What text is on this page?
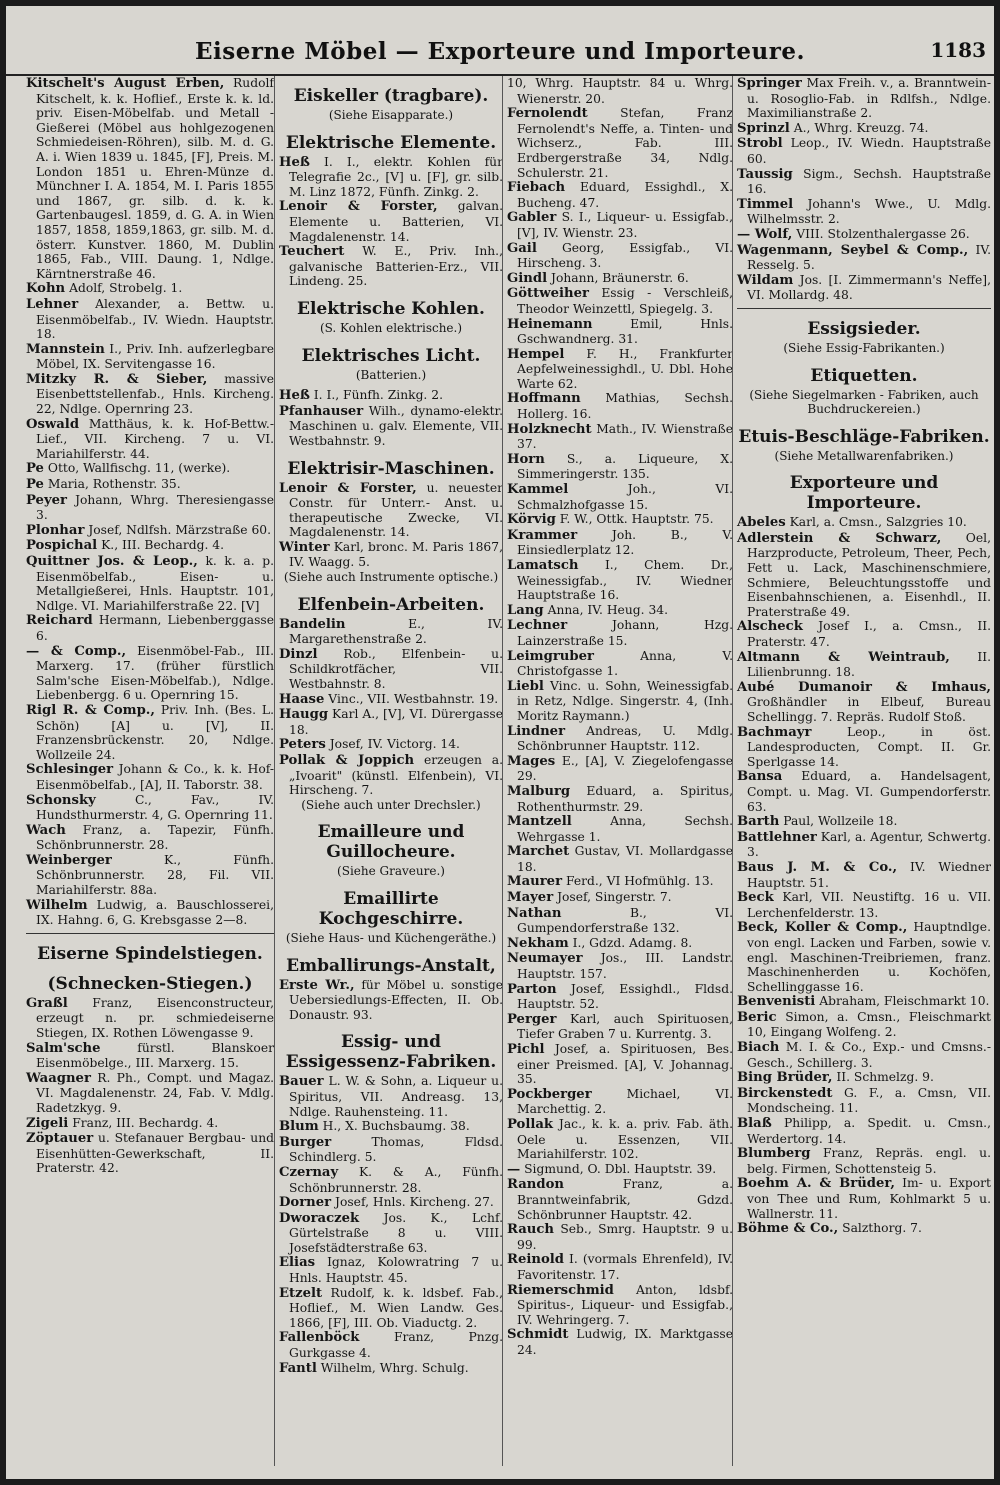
Eiserne Möbel — Exporteure und Importeure.	1183

Kitschelt's August Erben, Rudolf Kitschelt, k. k. Hoflief., Erste k. k. ld. priv. Eisen-Möbelfab. und Metall - Gießerei (Möbel aus hohlgezogenen Schmiedeisen-Röhren), silb. M. d. G. A. i. Wien 1839 u. 1845, [F], Preis. M. London 1851 u. Ehren-Münze d. Münchner I. A. 1854, M. I. Paris 1855 und 1867, gr. silb. d. k. k. Gartenbaugesl. 1859, d. G. A. in Wien 1857, 1858, 1859,1863, gr. silb. M. d. österr. Kunstver. 1860, M. Dublin 1865, Fab., VIII. Daung. 1, Ndlge. Kärntnerstraße 46.

Kohn Adolf, Strobelg. 1.

Lehner Alexander, a. Bettw. u. Eisenmöbelfab., IV. Wiedn. Hauptstr. 18.

Mannstein I., Priv. Inh. aufzerlegbare Möbel, IX. Servitengasse 16.

Mitzky R. & Sieber, massive Eisenbettstellenfab., Hnls. Kircheng. 22, Ndlge. Opernring 23.

Oswald Matthäus, k. k. Hof-Bettw.-Lief., VII. Kircheng. 7 u. VI. Mariahilferstr. 44.

Pe Otto, Wallfischg. 11, (werke).

Pe Maria, Rothenstr. 35.

Peyer Johann, Whrg. Theresiengasse 3.

Plonhar Josef, Ndlfsh. Märzstraße 60.

Pospichal K., III. Bechardg. 4.

Quittner Jos. & Leop., k. k. a. p. Eisenmöbelfab., Eisen- u. Metallgießerei, Hnls. Hauptstr. 101, Ndlge. VI. Mariahilferstraße 22. [V]

Reichard Hermann, Liebenberggasse 6.

— & Comp., Eisenmöbel-Fab., III. Marxerg. 17. (früher fürstlich Salm'sche Eisen-Möbelfab.), Ndlge. Liebenbergg. 6 u. Opernring 15.

Rigl R. & Comp., Priv. Inh. (Bes. L. Schön) [A] u. [V], II. Franzensbrückenstr. 20, Ndlge. Wollzeile 24.

Schlesinger Johann & Co., k. k. Hof-Eisenmöbelfab., [A], II. Taborstr. 38.

Schonsky	C., Fav., IV. Hundsthurmerstr. 4, G. Opernring 11.

Wach Franz, a. Tapezir, Fünfh. Schönbrunnerstr. 28.

Weinberger	K., Fünfh. Schönbrunnerstr. 28, Fil. VII. Mariahilferstr. 88a.

Wilhelm Ludwig, a. Bauschlosserei, IX. Hahng. 6, G. Krebsgasse 2—8.

Eiserne Spindelstiegen.
(Schnecken-Stiegen.)

Graßl Franz, Eisenconstructeur, erzeugt n. pr. schmiedeiserne Stiegen, IX. Rothen Löwengasse 9.

Salm'sche	fürstl. Blanskoer Eisenmöbelge., III. Marxerg. 15.

Waagner R. Ph., Compt. und Magaz. VI. Magdalenenstr. 24, Fab. V. Mdlg. Radetzkyg. 9.

Zigeli Franz, III. Bechardg. 4.

Zöptauer u. Stefanauer Bergbau- und Eisenhütten-Gewerkschaft, II. Praterstr. 42.

Eiskeller (tragbare).
(Siehe Eisapparate.)
Elektrische Elemente.

Heß I. I., elektr. Kohlen für Telegrafie 2c., [V] u. [F], gr. silb. M. Linz 1872, Fünfh. Zinkg. 2.

Lenoir & Forster, galvan. Elemente u. Batterien, VI. Magdalenenstr. 14.

Teuchert W. E., Priv. Inh., galvanische Batterien-Erz., VII. Lindeng. 25.

Elektrische Kohlen.
(S. Kohlen elektrische.)
Elektrisches Licht.
(Batterien.)

Heß I. I., Fünfh. Zinkg. 2.

Pfanhauser Wilh., dynamo-elektr. Maschinen u. galv. Elemente, VII. Westbahnstr. 9.

Elektrisir-Maschinen.

Lenoir & Forster, u. neuester Constr. für Unterr.- Anst. u. therapeutische Zwecke, VI. Magdalenenstr. 14.

Winter Karl, bronc. M. Paris 1867, IV. Waagg. 5.

(Siehe auch Instrumente optische.)
Elfenbein-Arbeiten.

Bandelin	E., IV. Margarethenstraße 2.

Dinzl Rob., Elfenbein- u. Schildkrotfächer, VII. Westbahnstr. 8.

Haase Vinc., VII. Westbahnstr. 19.

Haugg Karl A., [V], VI. Dürergasse 18.

Peters Josef, IV. Victorg. 14.

Pollak & Joppich erzeugen a. „Ivoarit" (künstl. Elfenbein), VI. Hirscheng. 7.

(Siehe auch unter Drechsler.)
Emailleure und Guillocheure.
(Siehe Graveure.)
Emaillirte Kochgeschirre.
(Siehe Haus- und Küchengeräthe.)
Emballirungs-Anstalt,

Erste Wr., für Möbel u. sonstige Uebersiedlungs-Effecten, II. Ob. Donaustr. 93.

Essig- und Essigessenz-Fabriken.

Bauer L. W. & Sohn, a. Liqueur u. Spiritus, VII. Andreasg. 13, Ndlge. Rauhensteing. 11.

Blum H., X. Buchsbaumg. 38.

Burger	Thomas, Fldsd. Schindlerg. 5.

Czernay K. & A., Fünfh. Schönbrunnerstr. 28.

Dorner Josef, Hnls. Kircheng. 27.

Dworaczek Jos. K., Lchf. Gürtelstraße 8 u. VIII. Josefstädterstraße 63.

Elias Ignaz, Kolowratring 7 u. Hnls. Hauptstr. 45.

Etzelt Rudolf, k. k. ldsbef. Fab., Hoflief., M. Wien Landw. Ges. 1866, [F], III. Ob. Viaductg. 2.

Fallenböck	Franz, Pnzg. Gurkgasse 4.

Fantl Wilhelm, Whrg. Schulg.

10, Whrg. Hauptstr. 84 u. Whrg. Wienerstr. 20.

Fernolendt	Stefan, Franz Fernolendt's Neffe, a. Tinten- und Wichserz., Fab. III. Erdbergerstraße 34, Ndlg. Schulerstr. 21.

Fiebach Eduard, Essighdl., X. Bucheng. 47.

Gabler S. I., Liqueur- u. Essigfab., [V], IV. Wienstr. 23.

Gail Georg, Essigfab., VI. Hirscheng. 3.

Gindl Johann, Bräunerstr. 6.

Göttweiher Essig - Verschleiß, Theodor Weinzettl, Spiegelg. 3.

Heinemann	Emil, Hnls. Gschwandnerg. 31.

Hempel F. H., Frankfurter Aepfelweinessighdl., U. Dbl. Hohe Warte 62.

Hoffmann Mathias, Sechsh. Hollerg. 16.

Holzknecht Math., IV. Wienstraße 37.

Horn S., a. Liqueure, X. Simmeringerstr. 135.

Kammel	Joh., VI. Schmalzhofgasse 15.

Körvig F. W., Ottk. Hauptstr. 75.

Krammer	Joh. B., V. Einsiedlerplatz 12.

Lamatsch I., Chem. Dr., Weinessigfab., IV. Wiedner Hauptstraße 16.

Lang Anna, IV. Heug. 34.

Lechner	Johann, Hzg. Lainzerstraße 15.

Leimgruber	Anna, V. Christofgasse 1.

Liebl Vinc. u. Sohn, Weinessigfab. in Retz, Ndlge. Singerstr. 4, (Inh. Moritz Raymann.)

Lindner Andreas, U. Mdlg. Schönbrunner Hauptstr. 112.

Mages E., [A], V. Ziegelofengasse 29.

Malburg Eduard, a. Spiritus, Rothenthurmstr. 29.

Mantzell	Anna, Sechsh. Wehrgasse 1.

Marchet Gustav, VI. Mollardgasse 18.

Maurer Ferd., VI Hofmühlg. 13.

Mayer Josef, Singerstr. 7.

Nathan	B., VI. Gumpendorferstraße 132.

Nekham I., Gdzd. Adamg. 8.

Neumayer Jos., III. Landstr. Hauptstr. 157.

Parton Josef, Essighdl., Fldsd. Hauptstr. 52.

Perger Karl, auch Spirituosen, Tiefer Graben 7 u. Kurrentg. 3.

Pichl Josef, a. Spirituosen, Bes. einer Preismed. [A], V. Johannag. 35.

Pockberger	Michael, VI. Marchettig. 2.

Pollak Jac., k. k. a. priv. Fab. äth. Oele u. Essenzen, VII. Mariahilferstr. 102.

— Sigmund, O. Dbl. Hauptstr. 39.

Randon	Franz, a. Branntweinfabrik, Gdzd. Schönbrunner Hauptstr. 42.

Rauch Seb., Smrg. Hauptstr. 9 u. 99.

Reinold I. (vormals Ehrenfeld), IV. Favoritenstr. 17.

Riemerschmid Anton, ldsbf. Spiritus-, Liqueur- und Essigfab., IV. Wehringerg. 7.

Schmidt Ludwig, IX. Marktgasse 24.

Springer Max Freih. v., a. Branntwein- u. Rosoglio-Fab. in Rdlfsh., Ndlge. Maximilianstraße 2.

Sprinzl A., Whrg. Kreuzg. 74.

Strobl Leop., IV. Wiedn. Hauptstraße 60.

Taussig Sigm., Sechsh. Hauptstraße 16.

Timmel Johann's Wwe., U. Mdlg. Wilhelmsstr. 2.

— Wolf, VIII. Stolzenthalergasse 26.

Wagenmann, Seybel & Comp., IV. Resselg. 5.

Wildam Jos. [I. Zimmermann's Neffe], VI. Mollardg. 48.

Essigsieder.
(Siehe Essig-Fabrikanten.)
Etiquetten.
(Siehe Siegelmarken - Fabriken, auch Buchdruckereien.)
Etuis-Beschläge-Fabriken.
(Siehe Metallwarenfabriken.)
Exporteure und Importeure.

Abeles Karl, a. Cmsn., Salzgries 10.

Adlerstein & Schwarz, Oel, Harzproducte, Petroleum, Theer, Pech, Fett u. Lack, Maschinenschmiere, Schmiere, Beleuchtungsstoffe und Eisenbahnschienen, a. Eisenhdl., II. Praterstraße 49.

Alscheck Josef I., a. Cmsn., II. Praterstr. 47.

Altmann & Weintraub, II. Lilienbrunng. 18.

Aubé Dumanoir & Imhaus, Großhändler in Elbeuf, Bureau Schellingg. 7. Repräs. Rudolf Stoß.

Bachmayr	Leop., in öst. Landesproducten, Compt. II. Gr. Sperlgasse 14.

Bansa Eduard, a. Handelsagent, Compt. u. Mag. VI. Gumpendorferstr. 63.

Barth Paul, Wollzeile 18.

Battlehner Karl, a. Agentur, Schwertg. 3.

Baus J. M. & Co., IV. Wiedner Hauptstr. 51.

Beck Karl, VII. Neustiftg. 16 u. VII. Lerchenfelderstr. 13.

Beck, Koller & Comp., Hauptndlge. von engl. Lacken und Farben, sowie v. engl. Maschinen-Treibriemen, franz. Maschinenherden u. Kochöfen, Schellinggasse 16.

Benvenisti Abraham, Fleischmarkt 10.

Beric Simon, a. Cmsn., Fleischmarkt 10, Eingang Wolfeng. 2.

Biach M. I. & Co., Exp.- und Cmsns.-Gesch., Schillerg. 3.

Bing Brüder, II. Schmelzg. 9.

Birckenstedt G. F., a. Cmsn, VII. Mondscheing. 11.

Blaß Philipp, a. Spedit. u. Cmsn., Werdertorg. 14.

Blumberg Franz, Repräs. engl. u. belg. Firmen, Schottensteig 5.

Boehm A. & Brüder, Im- u. Export von Thee und Rum, Kohlmarkt 5 u. Wallnerstr. 11.

Böhme & Co., Salzthorg. 7.
